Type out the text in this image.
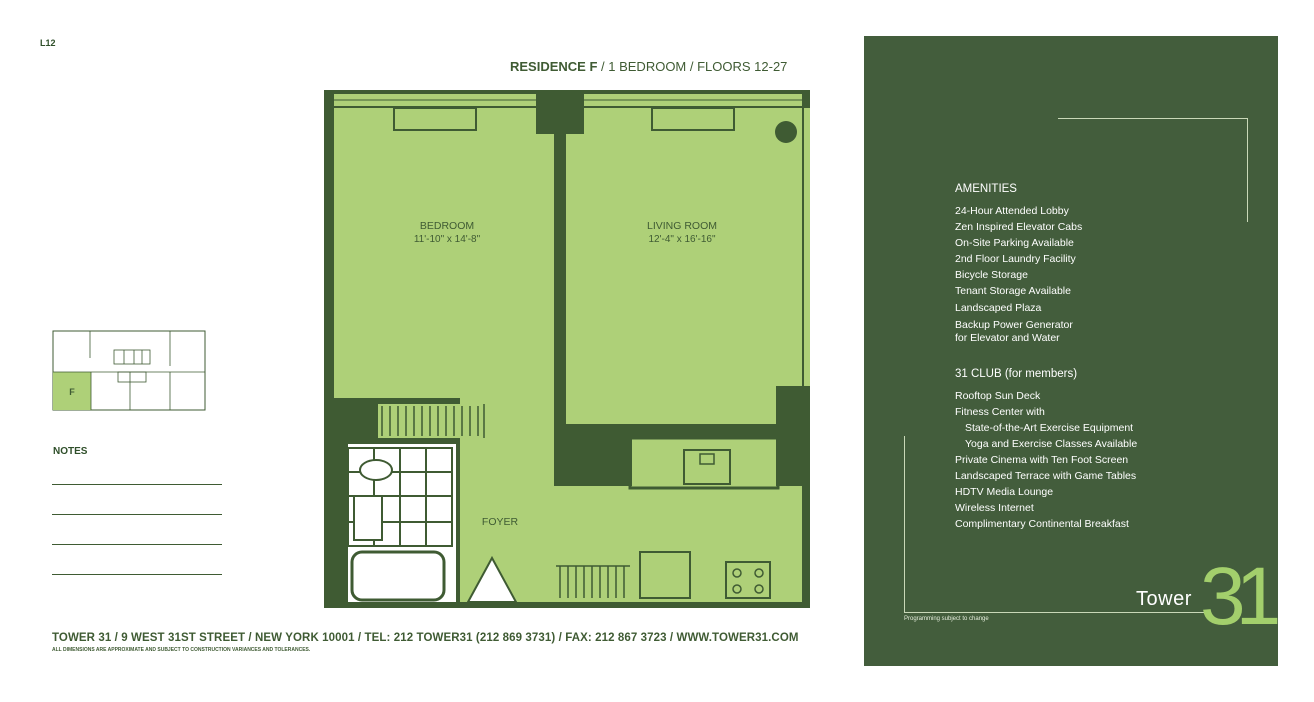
L12
RESIDENCE F / 1 BEDROOM / FLOORS 12-27
BEDROOM
11'-10" x 14'-8"
LIVING ROOM
12'-4" x 16'-16"
FOYER
F
NOTES
TOWER 31 / 9 WEST 31ST STREET / NEW YORK 10001 / TEL: 212 TOWER31 (212 869 3731) / FAX: 212 867 3723 / WWW.TOWER31.COM
ALL DIMENSIONS ARE APPROXIMATE AND SUBJECT TO CONSTRUCTION VARIANCES AND TOLERANCES.
AMENITIES
24-Hour Attended Lobby
Zen Inspired Elevator Cabs
On-Site Parking Available
2nd Floor Laundry Facility
Bicycle Storage
Tenant Storage Available
Landscaped Plaza
Backup Power Generator
for Elevator and Water
31 CLUB (for members)
Rooftop Sun Deck
Fitness Center with
State-of-the-Art Exercise Equipment
Yoga and Exercise Classes Available
Private Cinema with Ten Foot Screen
Landscaped Terrace with Game Tables
HDTV Media Lounge
Wireless Internet
Complimentary Continental Breakfast
Programming subject to change
Tower 31
